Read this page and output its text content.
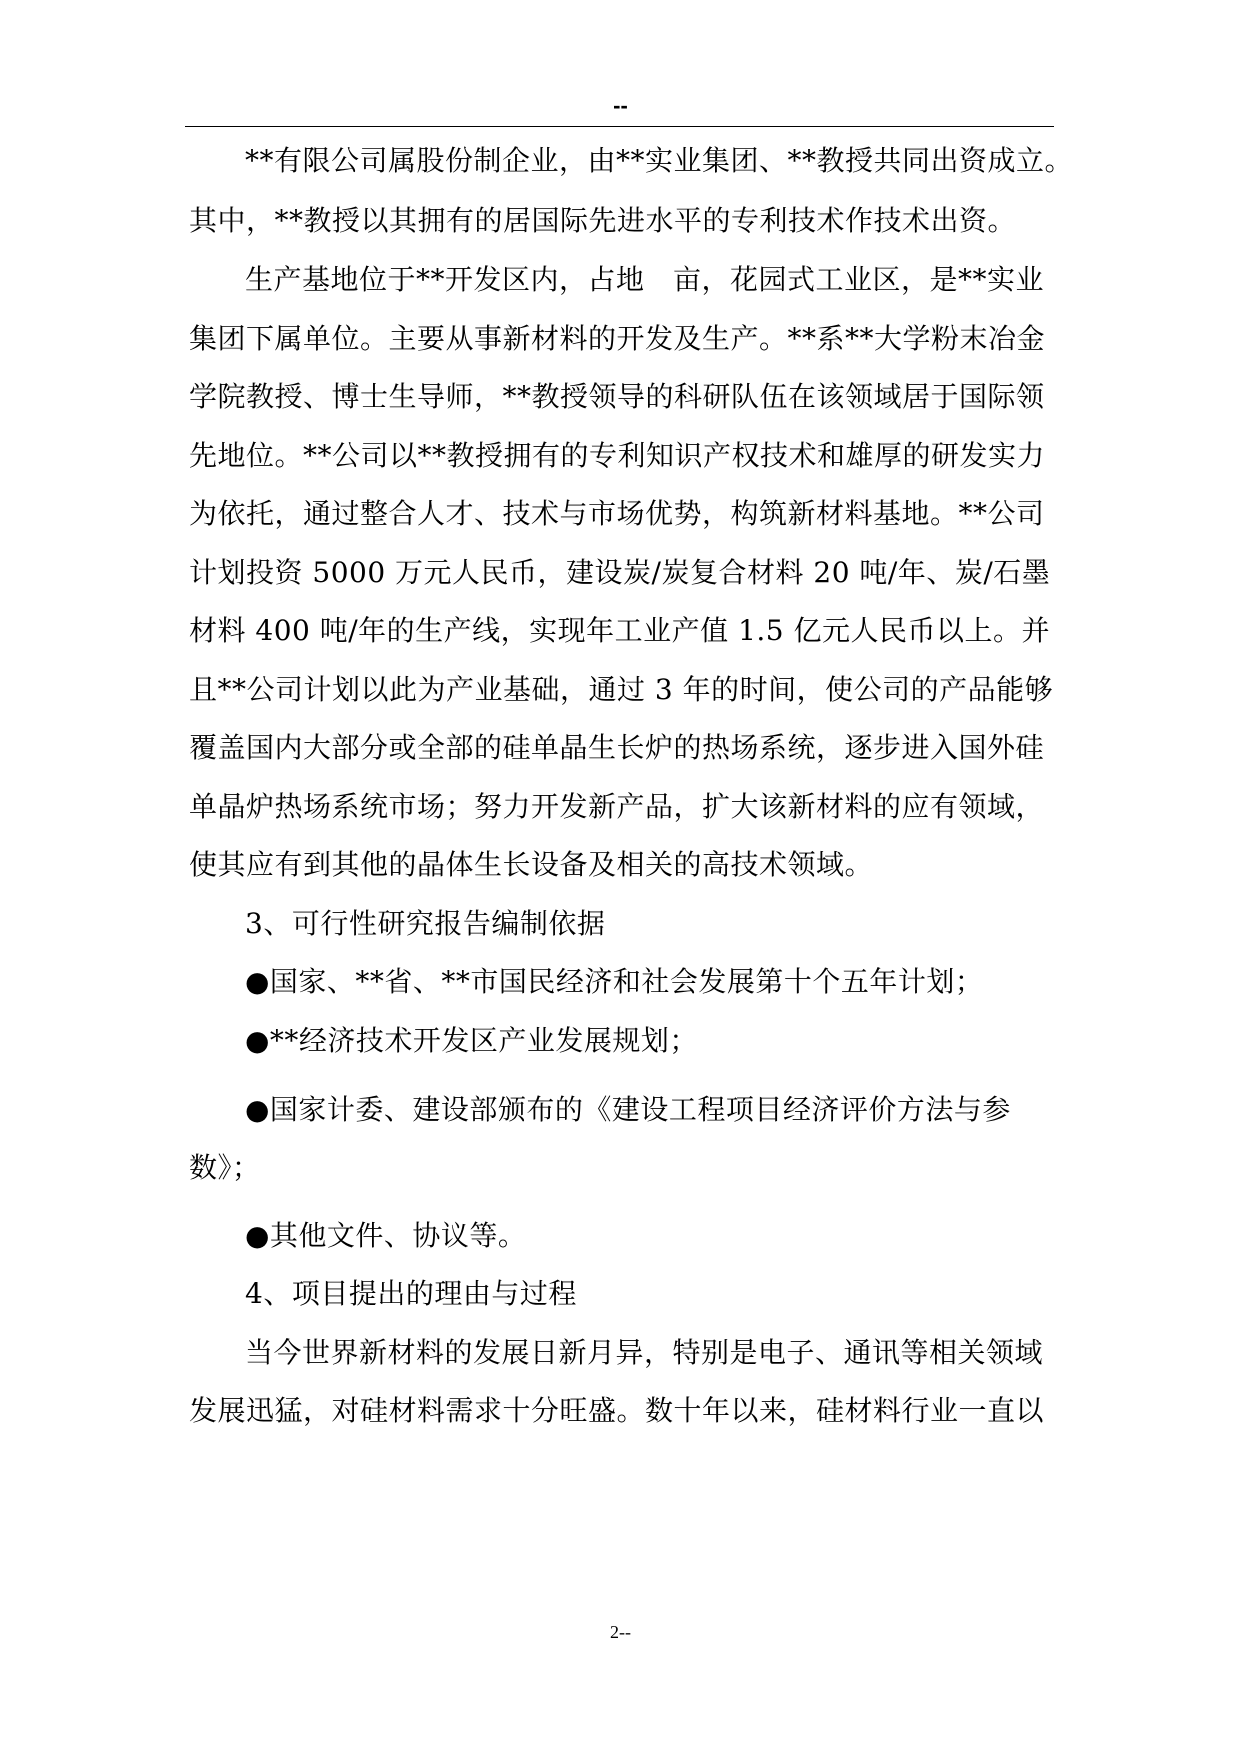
--
**有限公司属股份制企业，由**实业集团、**教授共同出资成立。
其中，**教授以其拥有的居国际先进水平的专利技术作技术出资。
生产基地位于**开发区内，占地　亩，花园式工业区，是**实业
集团下属单位。主要从事新材料的开发及生产。**系**大学粉末冶金
学院教授、博士生导师，**教授领导的科研队伍在该领域居于国际领
先地位。**公司以**教授拥有的专利知识产权技术和雄厚的研发实力
为依托，通过整合人才、技术与市场优势，构筑新材料基地。**公司
计划投资 5000 万元人民币，建设炭/炭复合材料 20 吨/年、炭/石墨
材料 400 吨/年的生产线，实现年工业产值 1.5 亿元人民币以上。并
且**公司计划以此为产业基础，通过 3 年的时间，使公司的产品能够
覆盖国内大部分或全部的硅单晶生长炉的热场系统，逐步进入国外硅
单晶炉热场系统市场；努力开发新产品，扩大该新材料的应有领域，
使其应有到其他的晶体生长设备及相关的高技术领域。
3、可行性研究报告编制依据
●国家、**省、**市国民经济和社会发展第十个五年计划；
●**经济技术开发区产业发展规划；
●国家计委、建设部颁布的《建设工程项目经济评价方法与参
数》；
●其他文件、协议等。
4、项目提出的理由与过程
当今世界新材料的发展日新月异，特别是电子、通讯等相关领域
发展迅猛，对硅材料需求十分旺盛。数十年以来，硅材料行业一直以
2--
